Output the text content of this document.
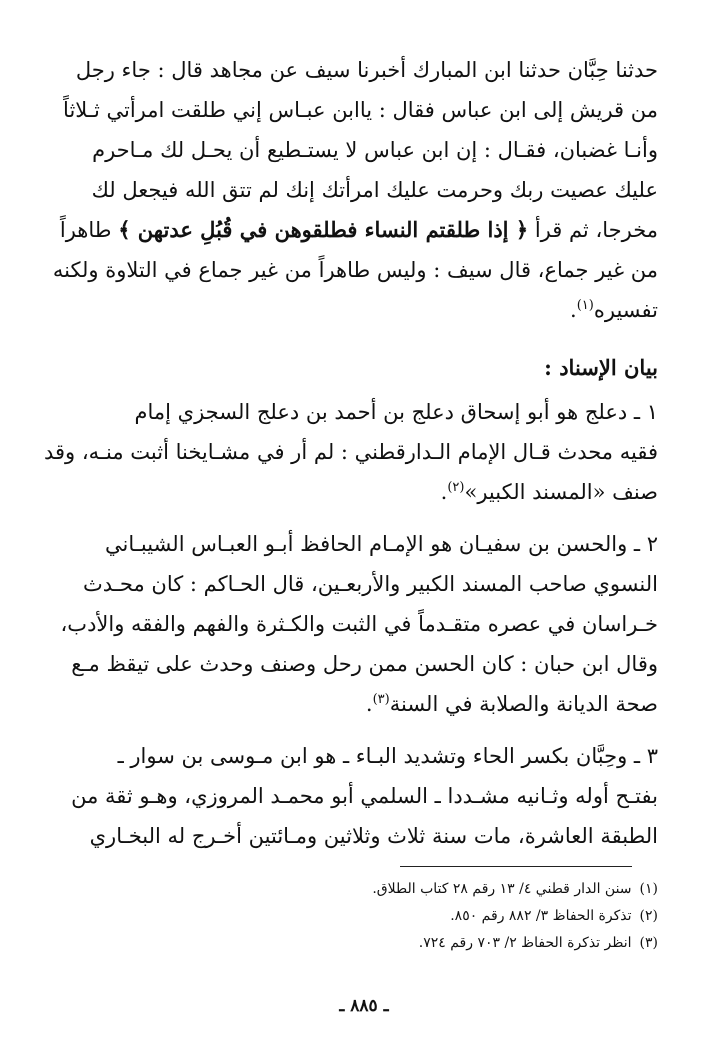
حدثنا حِبَّان حدثنا ابن المبارك أخبرنا سيف عن مجاهد قال : جاء رجل
من قريش إلى ابن عباس فقال : ياابن عبـاس إني طلقت امرأتي ثـلاثاً
وأنـا غضبان، فقـال : إن ابن عباس لا يستـطيع أن يحـل لك مـاحرم
عليك عصيت ربك وحرمت عليك امرأتك إنك لم تتق الله فيجعل لك
مخرجا، ثم قرأ ﴿ إذا طلقتم النساء فطلقوهن في قُبُلِ عدتهن ﴾ طاهراً
من غير جماع، قال سيف : وليس طاهراً من غير جماع في التلاوة ولكنه
تفسيره$^{(١)}$.

بيان الإسناد :

١ ـ دعلج هو أبو إسحاق دعلج بن أحمد بن دعلج السجزي إمام
فقيه محدث قـال الإمام الـدارقطني : لم أر في مشـايخنا أثبت منـه، وقد
صنف «المسند الكبير»$^{(٢)}$.

٢ ـ والحسن بن سفيـان هو الإمـام الحافظ أبـو العبـاس الشيبـاني
النسوي صاحب المسند الكبير والأربعـين، قال الحـاكم : كان محـدث
خـراسان في عصره متقـدماً في الثبت والكـثرة والفهم والفقه والأدب،
وقال ابن حبان : كان الحسن ممن رحل وصنف وحدث على تيقظ مـع
صحة الديانة والصلابة في السنة$^{(٣)}$.

٣ ـ وحِبَّان بكسر الحاء وتشديد البـاء ـ هو ابن مـوسى بن سوار ـ
بفتـح أوله وثـانيه مشـددا ـ السلمي أبو محمـد المروزي، وهـو ثقة من
الطبقة العاشرة، مات سنة ثلاث وثلاثين ومـائتين أخـرج له البخـاري

(١)سنن الدار قطني ٤/ ١٣ رقم ٢٨ كتاب الطلاق.
(٢)تذكرة الحفاظ ٣/ ٨٨٢ رقم ٨٥٠.
(٣)انظر تذكرة الحفاظ ٢/ ٧٠٣ رقم ٧٢٤.
ـ ٨٨٥ ـ
